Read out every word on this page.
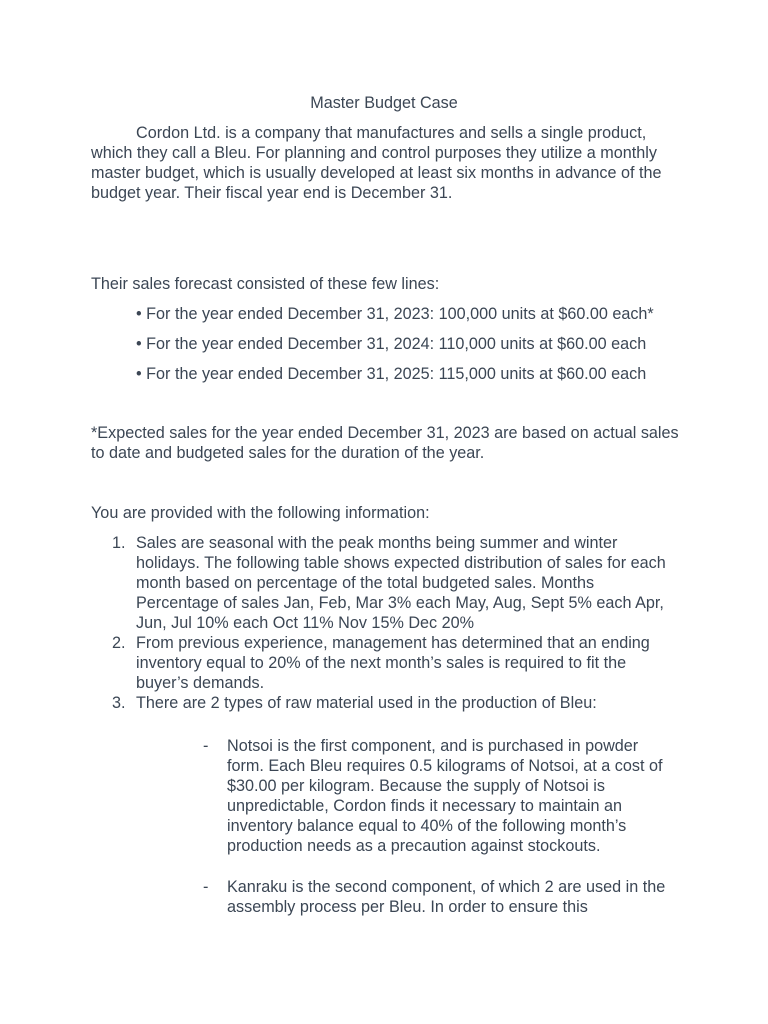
Master Budget Case
Cordon Ltd. is a company that manufactures and sells a single product, which they call a Bleu. For planning and control purposes they utilize a monthly master budget, which is usually developed at least six months in advance of the budget year. Their fiscal year end is December 31.
Their sales forecast consisted of these few lines:
• For the year ended December 31, 2023: 100,000 units at $60.00 each*
• For the year ended December 31, 2024: 110,000 units at $60.00 each
• For the year ended December 31, 2025: 115,000 units at $60.00 each
*Expected sales for the year ended December 31, 2023 are based on actual sales to date and budgeted sales for the duration of the year.
You are provided with the following information:
1. Sales are seasonal with the peak months being summer and winter holidays. The following table shows expected distribution of sales for each month based on percentage of the total budgeted sales. Months Percentage of sales Jan, Feb, Mar 3% each May, Aug, Sept 5% each Apr, Jun, Jul 10% each Oct 11% Nov 15% Dec 20%
2. From previous experience, management has determined that an ending inventory equal to 20% of the next month’s sales is required to fit the buyer’s demands.
3. There are 2 types of raw material used in the production of Bleu:
- Notsoi is the first component, and is purchased in powder form. Each Bleu requires 0.5 kilograms of Notsoi, at a cost of $30.00 per kilogram. Because the supply of Notsoi is unpredictable, Cordon finds it necessary to maintain an inventory balance equal to 40% of the following month’s production needs as a precaution against stockouts.
- Kanraku is the second component, of which 2 are used in the assembly process per Bleu. In order to ensure this
